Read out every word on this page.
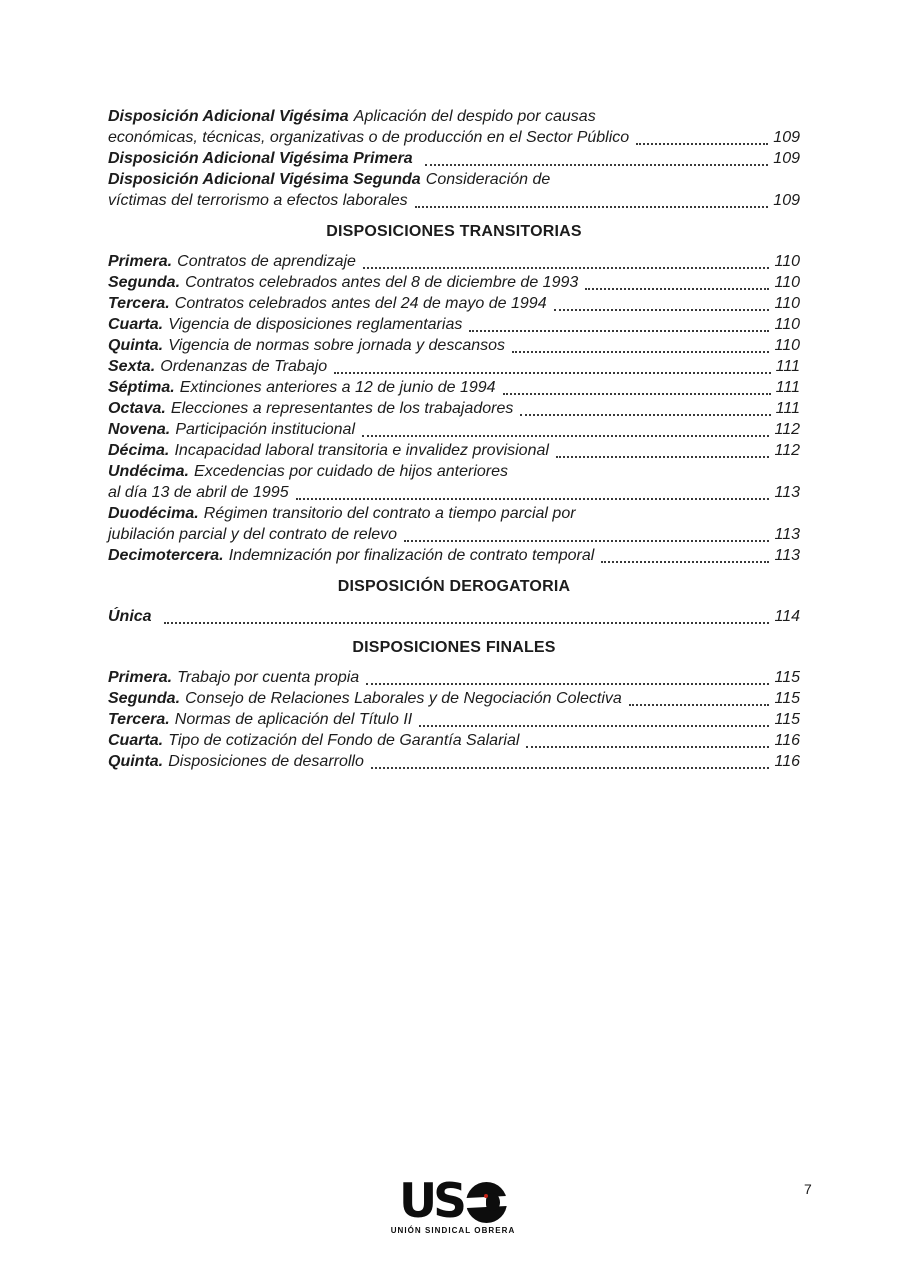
Disposición Adicional Vigésima Aplicación del despido por causas
económicas, técnicas, organizativas o de producción en el Sector Público	109
Disposición Adicional Vigésima Primera	109
Disposición Adicional Vigésima Segunda Consideración de
víctimas del terrorismo a efectos laborales	109
DISPOSICIONES TRANSITORIAS
Primera. Contratos de aprendizaje	110
Segunda. Contratos celebrados antes del 8 de diciembre de 1993	110
Tercera. Contratos celebrados antes del 24 de mayo de 1994	110
Cuarta. Vigencia de disposiciones reglamentarias	110
Quinta. Vigencia de normas sobre jornada y descansos	110
Sexta. Ordenanzas de Trabajo	111
Séptima. Extinciones anteriores a 12 de junio de 1994	111
Octava. Elecciones a representantes de los trabajadores	111
Novena. Participación institucional	112
Décima. Incapacidad laboral transitoria e invalidez provisional	112
Undécima. Excedencias por cuidado de hijos anteriores
al día 13 de abril de 1995	113
Duodécima. Régimen transitorio del contrato a tiempo parcial por
jubilación parcial y del contrato de relevo	113
Decimotercera. Indemnización por finalización de contrato temporal	113
DISPOSICIÓN DEROGATORIA
Única	114
DISPOSICIONES FINALES
Primera. Trabajo por cuenta propia	115
Segunda. Consejo de Relaciones Laborales y de Negociación Colectiva	115
Tercera. Normas de aplicación del Título II	115
Cuarta. Tipo de cotización del Fondo de Garantía Salarial	116
Quinta. Disposiciones de desarrollo	116
US
UNIÓN SINDICAL OBRERA
7
